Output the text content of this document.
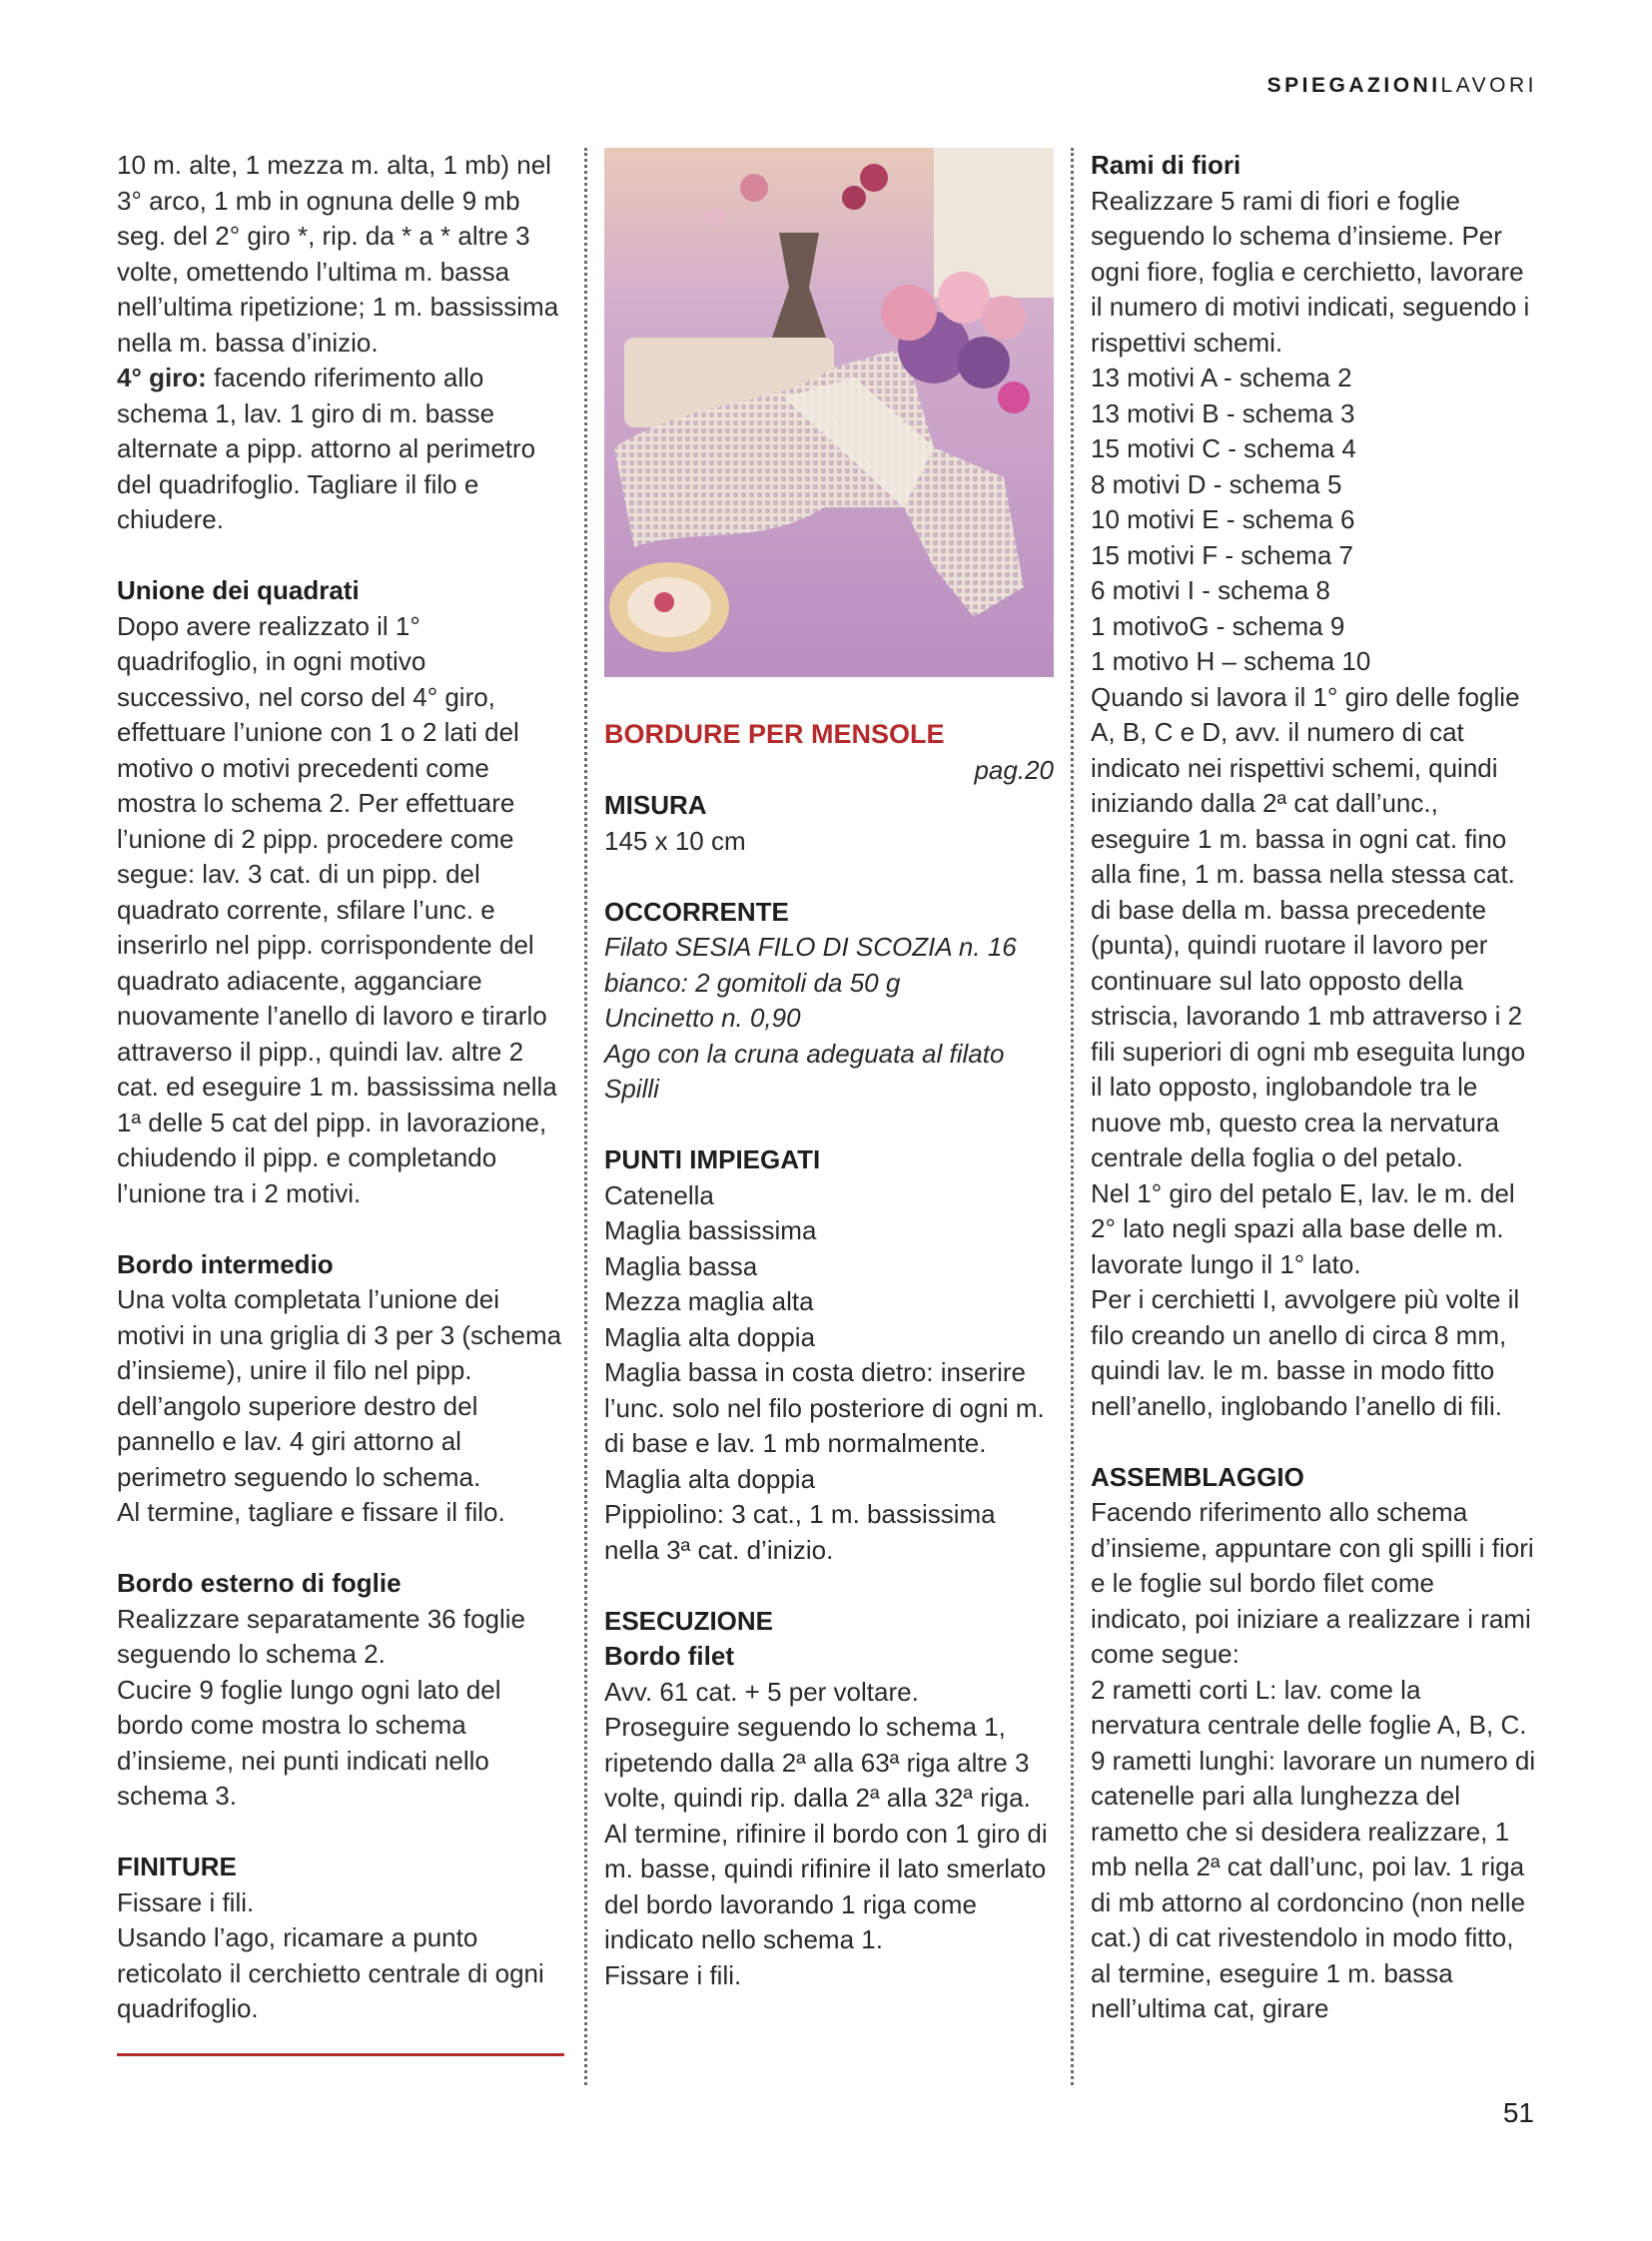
SPIEGAZIONILAVORI

10 m. alte, 1 mezza m. alta, 1 mb) nel 3° arco, 1 mb in ognuna delle 9 mb seg. del 2° giro *, rip. da * a * altre 3 volte, omettendo l’ultima m. bassa nell’ultima ripetizione; 1 m. bassissima nella m. bassa d’inizio.

4° giro: facendo riferimento allo schema 1, lav. 1 giro di m. basse alternate a pipp. attorno al perimetro del quadrifoglio. Tagliare il filo e chiudere.

Unione dei quadrati

Dopo avere realizzato il 1° quadrifoglio, in ogni motivo successivo, nel corso del 4° giro, effettuare l’unione con 1 o 2 lati del motivo o motivi precedenti come mostra lo schema 2. Per effettuare l’unione di 2 pipp. procedere come segue: lav. 3 cat. di un pipp. del quadrato corrente, sfilare l’unc. e inserirlo nel pipp. corrispondente del quadrato adiacente, agganciare nuovamente l’anello di lavoro e tirarlo attraverso il pipp., quindi lav. altre 2 cat. ed eseguire 1 m. bassissima nella 1ª delle 5 cat del pipp. in lavorazione, chiudendo il pipp. e completando l’unione tra i 2 motivi.

Bordo intermedio

Una volta completata l’unione dei motivi in una griglia di 3 per 3 (schema d’insieme), unire il filo nel pipp. dell’angolo superiore destro del pannello e lav. 4 giri attorno al perimetro seguendo lo schema.

Al termine, tagliare e fissare il filo.

Bordo esterno di foglie

Realizzare separatamente 36 foglie seguendo lo schema 2.

Cucire 9 foglie lungo ogni lato del bordo come mostra lo schema d’insieme, nei punti indicati nello schema 3.

FINITURE

Fissare i fili.

Usando l’ago, ricamare a punto reticolato il cerchietto centrale di ogni quadrifoglio.

BORDURE PER MENSOLE

pag.20

MISURA

145 x 10 cm

OCCORRENTE

Filato SESIA FILO DI SCOZIA n. 16 bianco: 2 gomitoli da 50 g

Uncinetto n. 0,90

Ago con la cruna adeguata al filato

Spilli

PUNTI IMPIEGATI

Catenella

Maglia bassissima

Maglia bassa

Mezza maglia alta

Maglia alta doppia

Maglia bassa in costa dietro: inserire l’unc. solo nel filo posteriore di ogni m. di base e lav. 1 mb normalmente.

Maglia alta doppia

Pippiolino: 3 cat., 1 m. bassissima nella 3ª cat. d’inizio.

ESECUZIONE

Bordo filet

Avv. 61 cat. + 5 per voltare.

Proseguire seguendo lo schema 1, ripetendo dalla 2ª alla 63ª riga altre 3 volte, quindi rip. dalla 2ª alla 32ª riga.

Al termine, rifinire il bordo con 1 giro di m. basse, quindi rifinire il lato smerlato del bordo lavorando 1 riga come indicato nello schema 1.

Fissare i fili.

Rami di fiori

Realizzare 5 rami di fiori e foglie seguendo lo schema d’insieme. Per ogni fiore, foglia e cerchietto, lavorare il numero di motivi indicati, seguendo i rispettivi schemi.

13 motivi A - schema 2

13 motivi B - schema 3

15 motivi C - schema 4

8 motivi D - schema 5

10 motivi E - schema 6

15 motivi F - schema 7

6 motivi I - schema 8

1 motivoG - schema 9

1 motivo H – schema 10

Quando si lavora il 1° giro delle foglie A, B, C e D, avv. il numero di cat indicato nei rispettivi schemi, quindi iniziando dalla 2ª cat dall’unc., eseguire 1 m. bassa in ogni cat. fino alla fine, 1 m. bassa nella stessa cat. di base della m. bassa precedente (punta), quindi ruotare il lavoro per continuare sul lato opposto della striscia, lavorando 1 mb attraverso i 2 fili superiori di ogni mb eseguita lungo il lato opposto, inglobandole tra le nuove mb, questo crea la nervatura centrale della foglia o del petalo.

Nel 1° giro del petalo E, lav. le m. del 2° lato negli spazi alla base delle m. lavorate lungo il 1° lato.

Per i cerchietti I, avvolgere più volte il filo creando un anello di circa 8 mm, quindi lav. le m. basse in modo fitto nell’anello, inglobando l’anello di fili.

ASSEMBLAGGIO

Facendo riferimento allo schema d’insieme, appuntare con gli spilli i fiori e le foglie sul bordo filet come indicato, poi iniziare a realizzare i rami come segue:

2 rametti corti L: lav. come la nervatura centrale delle foglie A, B, C.

9 rametti lunghi: lavorare un numero di catenelle pari alla lunghezza del rametto che si desidera realizzare, 1 mb nella 2ª cat dall’unc, poi lav. 1 riga di mb attorno al cordoncino (non nelle cat.) di cat rivestendolo in modo fitto, al termine, eseguire 1 m. bassa nell’ultima cat, girare

51
